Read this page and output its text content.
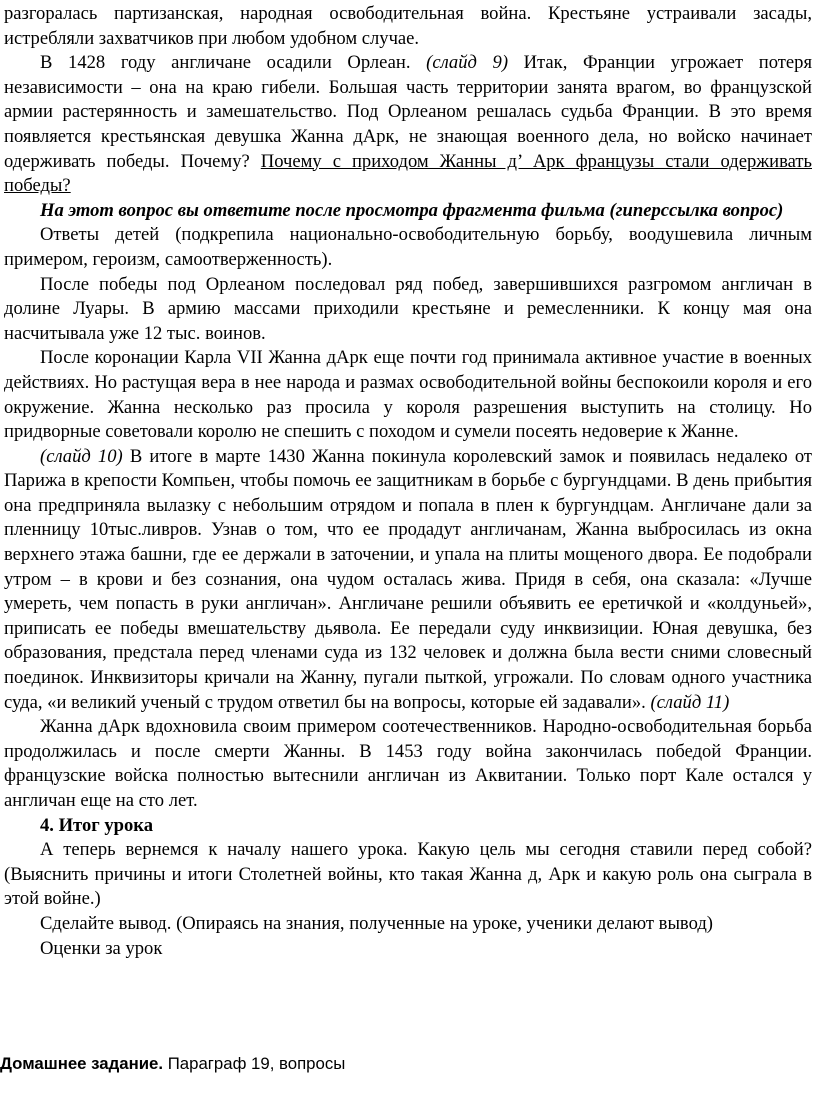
разгоралась партизанская, народная освободительная война. Крестьяне устраивали засады, истребляли захватчиков при любом удобном случае.

В 1428 году англичане осадили Орлеан. (слайд 9) Итак, Франции угрожает потеря независимости – она на краю гибели. Большая часть территории занята врагом, во французской армии растерянность и замешательство. Под Орлеаном решалась судьба Франции. В это время появляется крестьянская девушка Жанна дАрк, не знающая военного дела, но войско начинает одерживать победы. Почему? Почему с приходом Жанны д’ Арк французы стали одерживать победы?

На этот вопрос вы ответите после просмотра фрагмента фильма (гиперссылка вопрос)

Ответы детей (подкрепила национально-освободительную борьбу, воодушевила личным примером, героизм, самоотверженность).

После победы под Орлеаном последовал ряд побед, завершившихся разгромом англичан в долине Луары. В армию массами приходили крестьяне и ремесленники. К концу мая она насчитывала уже 12 тыс. воинов.

После коронации Карла VII Жанна дАрк еще почти год принимала активное участие в военных действиях. Но растущая вера в нее народа и размах освободительной войны беспокоили короля и его окружение. Жанна несколько раз просила у короля разрешения выступить на столицу. Но придворные советовали королю не спешить с походом и сумели посеять недоверие к Жанне.

(слайд 10) В итоге в марте 1430 Жанна покинула королевский замок и появилась недалеко от Парижа в крепости Компьен, чтобы помочь ее защитникам в борьбе с бургундцами. В день прибытия она предприняла вылазку с небольшим отрядом и попала в плен к бургундцам. Англичане дали за пленницу 10тыс.ливров. Узнав о том, что ее продадут англичанам, Жанна выбросилась из окна верхнего этажа башни, где ее держали в заточении, и упала на плиты мощеного двора. Ее подобрали утром – в крови и без сознания, она чудом осталась жива. Придя в себя, она сказала: «Лучше умереть, чем попасть в руки англичан». Англичане решили объявить ее еретичкой и «колдуньей», приписать ее победы вмешательству дьявола. Ее передали суду инквизиции. Юная девушка, без образования, предстала перед членами суда из 132 человек и должна была вести сними словесный поединок. Инквизиторы кричали на Жанну, пугали пыткой, угрожали. По словам одного участника суда, «и великий ученый с трудом ответил бы на вопросы, которые ей задавали». (слайд 11)

Жанна дАрк вдохновила своим примером соотечественников. Народно-освободительная борьба продолжилась и после смерти Жанны. В 1453 году война закончилась победой Франции. французские войска полностью вытеснили англичан из Аквитании. Только порт Кале остался у англичан еще на сто лет.

4. Итог урока

А теперь вернемся к началу нашего урока. Какую цель мы сегодня ставили перед собой? (Выяснить причины и итоги Столетней войны, кто такая Жанна д, Арк и какую роль она сыграла в этой войне.)

Сделайте вывод. (Опираясь на знания, полученные на уроке, ученики делают вывод)

Оценки за урок

Домашнее задание. Параграф 19, вопросы
